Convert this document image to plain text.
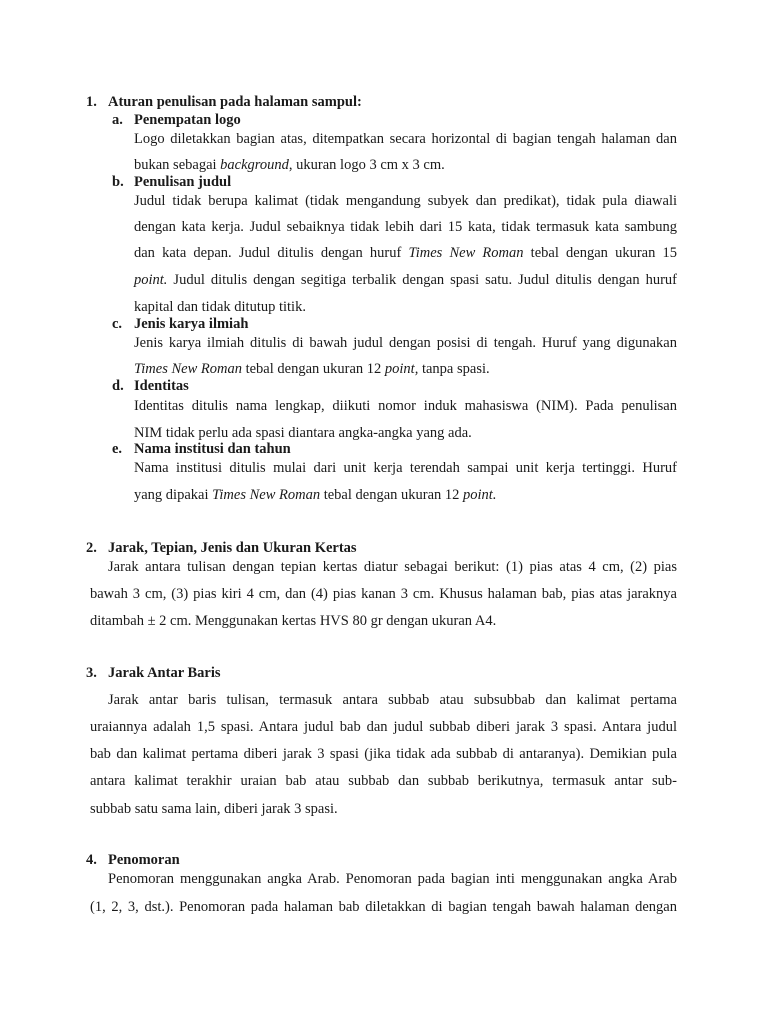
1. Aturan penulisan pada halaman sampul:
a. Penempatan logo
Logo diletakkan bagian atas, ditempatkan secara horizontal di bagian tengah halaman dan
bukan sebagai background, ukuran logo 3 cm x 3 cm.
b. Penulisan judul
Judul tidak berupa kalimat (tidak mengandung subyek dan predikat), tidak pula diawali
dengan kata kerja. Judul sebaiknya tidak lebih dari 15 kata, tidak termasuk kata sambung
dan kata depan. Judul ditulis dengan huruf Times New Roman tebal dengan ukuran 15
point. Judul ditulis dengan segitiga terbalik dengan spasi satu. Judul ditulis dengan huruf
kapital dan tidak ditutup titik.
c. Jenis karya ilmiah
Jenis karya ilmiah ditulis di bawah judul dengan posisi di tengah. Huruf yang digunakan
Times New Roman tebal dengan ukuran 12 point, tanpa spasi.
d. Identitas
Identitas ditulis nama lengkap, diikuti nomor induk mahasiswa (NIM). Pada penulisan
NIM tidak perlu ada spasi diantara angka-angka yang ada.
e. Nama institusi dan tahun
Nama institusi ditulis mulai dari unit kerja terendah sampai unit kerja tertinggi. Huruf
yang dipakai Times New Roman tebal dengan ukuran 12 point.
2. Jarak, Tepian, Jenis dan Ukuran Kertas
Jarak antara tulisan dengan tepian kertas diatur sebagai berikut: (1) pias atas 4 cm, (2) pias
bawah 3 cm, (3) pias kiri 4 cm, dan (4) pias kanan 3 cm. Khusus halaman bab, pias atas jaraknya
ditambah ± 2 cm. Menggunakan kertas HVS 80 gr dengan ukuran A4.
3. Jarak Antar Baris
Jarak antar baris tulisan, termasuk antara subbab atau subsubbab dan kalimat pertama
uraiannya adalah 1,5 spasi. Antara judul bab dan judul subbab diberi jarak 3 spasi. Antara judul
bab dan kalimat pertama diberi jarak 3 spasi (jika tidak ada subbab di antaranya). Demikian pula
antara kalimat terakhir uraian bab atau subbab dan subbab berikutnya, termasuk antar sub-
subbab satu sama lain, diberi jarak 3 spasi.
4. Penomoran
Penomoran menggunakan angka Arab. Penomoran pada bagian inti menggunakan angka Arab
(1, 2, 3, dst.). Penomoran pada halaman bab diletakkan di bagian tengah bawah halaman dengan
